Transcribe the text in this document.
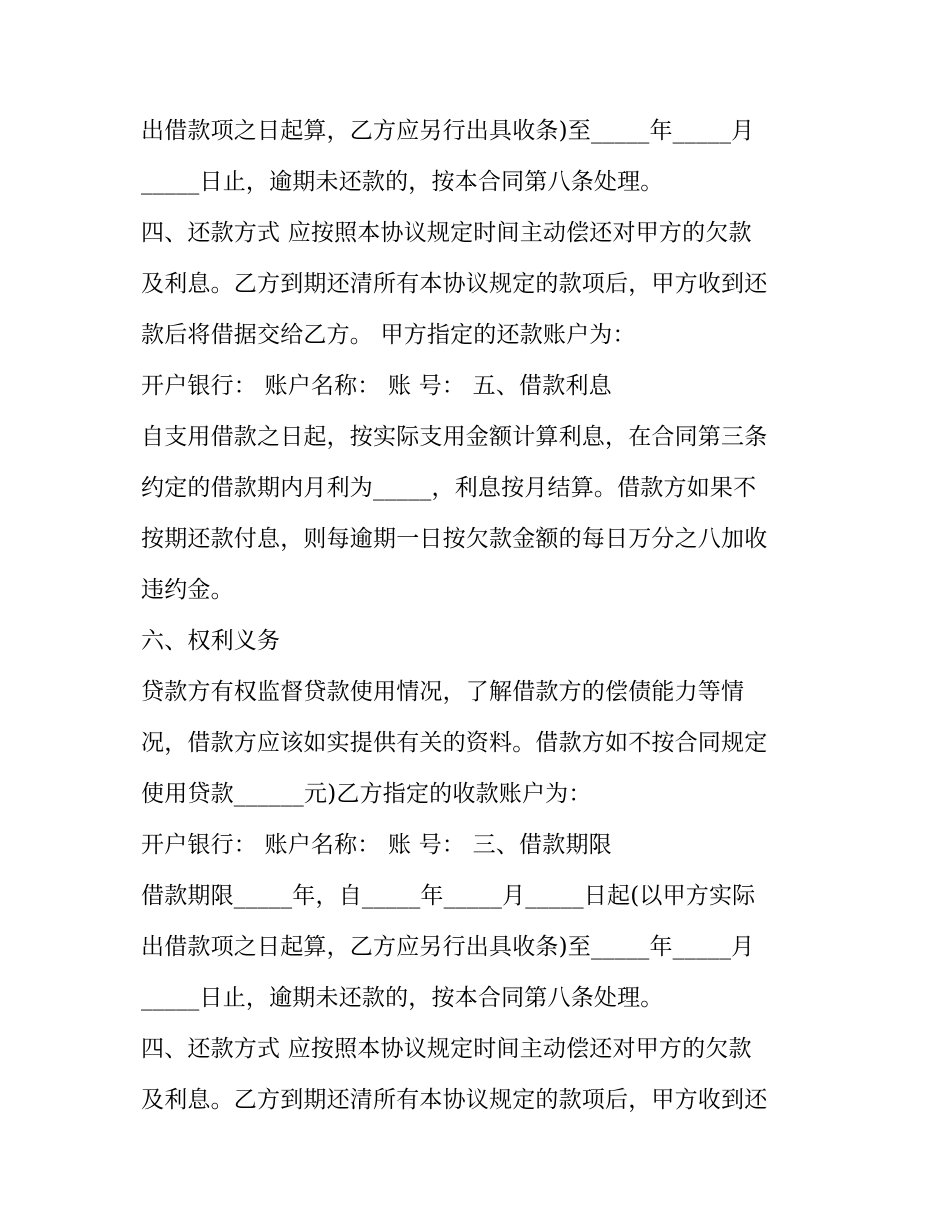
出借款项之日起算，乙方应另行出具收条)至_____年_____月
_____日止，逾期未还款的，按本合同第八条处理。
四、还款方式 应按照本协议规定时间主动偿还对甲方的欠款
及利息。乙方到期还清所有本协议规定的款项后，甲方收到还
款后将借据交给乙方。 甲方指定的还款账户为：
开户银行： 账户名称： 账 号： 五、借款利息
自支用借款之日起，按实际支用金额计算利息，在合同第三条
约定的借款期内月利为_____，利息按月结算。借款方如果不
按期还款付息，则每逾期一日按欠款金额的每日万分之八加收
违约金。
六、权利义务
贷款方有权监督贷款使用情况，了解借款方的偿债能力等情
况，借款方应该如实提供有关的资料。借款方如不按合同规定
使用贷款______元)乙方指定的收款账户为：
开户银行： 账户名称： 账 号： 三、借款期限
借款期限_____年，自_____年_____月_____日起(以甲方实际
出借款项之日起算，乙方应另行出具收条)至_____年_____月
_____日止，逾期未还款的，按本合同第八条处理。
四、还款方式 应按照本协议规定时间主动偿还对甲方的欠款
及利息。乙方到期还清所有本协议规定的款项后，甲方收到还
